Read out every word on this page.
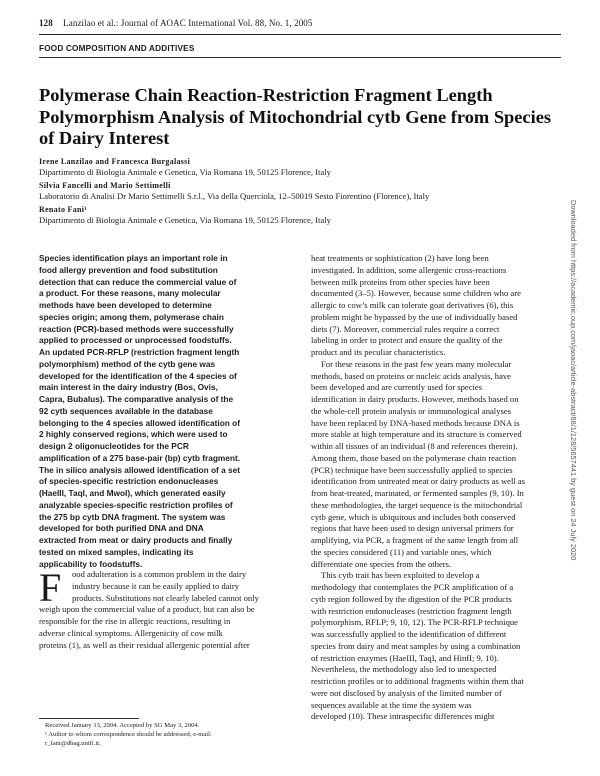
128 Lanzilao et al.: Journal of AOAC International Vol. 88, No. 1, 2005
FOOD COMPOSITION AND ADDITIVES
Polymerase Chain Reaction-Restriction Fragment Length
Polymorphism Analysis of Mitochondrial cytb Gene from Species
of Dairy Interest
Irene Lanzilao and Francesca Burgalassi
Dipartimento di Biologia Animale e Genetica, Via Romana 19, 50125 Florence, Italy
Silvia Fancelli and Mario Settimelli
Laboratorio di Analisi Dr Mario Settimelli S.r.l., Via della Querciola, 12–50019 Sesto Fiorentino (Florence), Italy
Renato Fani¹
Dipartimento di Biologia Animale e Genetica, Via Romana 19, 50125 Florence, Italy
Species identification plays an important role in
food allergy prevention and food substitution
detection that can reduce the commercial value of
a product. For these reasons, many molecular
methods have been developed to determine
species origin; among them, polymerase chain
reaction (PCR)-based methods were successfully
applied to processed or unprocessed foodstuffs.
An updated PCR-RFLP (restriction fragment length
polymorphism) method of the cytb gene was
developed for the identification of the 4 species of
main interest in the dairy industry (Bos, Ovis,
Capra, Bubalus). The comparative analysis of the
92 cytb sequences available in the database
belonging to the 4 species allowed identification of
2 highly conserved regions, which were used to
design 2 oligonucleotides for the PCR
amplification of a 275 base-pair (bp) cytb fragment.
The in silico analysis allowed identification of a set
of species-specific restriction endonucleases
(HaeIII, TaqI, and MwoI), which generated easily
analyzable species-specific restriction profiles of
the 275 bp cytb DNA fragment. The system was
developed for both purified DNA and DNA
extracted from meat or dairy products and finally
tested on mixed samples, indicating its
applicability to foodstuffs.
F	ood adulteration is a common problem in the dairy
industry because it can be easily applied to dairy
products. Substitutions not clearly labeled cannot only
weigh upon the commercial value of a product, but can also be
responsible for the rise in allergic reactions, resulting in
adverse clinical symptoms. Allergenicity of cow milk
proteins (1), as well as their residual allergenic potential after
Received January 13, 2004. Accepted by SG May 3, 2004.
¹ Author to whom correspondence should be addressed; e-mail:
r_fani@dbag.unifi.it.
heat treatments or sophistication (2) have long been
investigated. In addition, some allergenic cross-reactions
between milk proteins from other species have been
documented (3–5). However, because some children who are
allergic to cow’s milk can tolerate goat derivatives (6), this
problem might be bypassed by the use of individually based
diets (7). Moreover, commercial rules require a correct
labeling in order to protect and ensure the quality of the
product and its peculiar characteristics.
For these reasons in the past few years many molecular
methods, based on proteins or nucleic acids analysis, have
been developed and are currently used for species
identification in dairy products. However, methods based on
the whole-cell protein analysis or immunological analyses
have been replaced by DNA-based methods because DNA is
more stable at high temperature and its structure is conserved
within all tissues of an individual (8 and references therein).
Among them, those based on the polymerase chain reaction
(PCR) technique have been successfully applied to species
identification from untreated meat or dairy products as well as
from heat-treated, marinated, or fermented samples (9, 10). In
these methodologies, the target sequence is the mitochondrial
cytb gene, which is ubiquitous and includes both conserved
regions that have been used to design universal primers for
amplifying, via PCR, a fragment of the same length from all
the species considered (11) and variable ones, which
differentiate one species from the others.
This cytb trait has been exploited to develop a
methodology that contemplates the PCR amplification of a
cytb region followed by the digestion of the PCR products
with restriction endonucleases (restriction fragment length
polymorphism, RFLP; 9, 10, 12). The PCR-RFLP technique
was successfully applied to the identification of different
species from dairy and meat samples by using a combination
of restriction enzymes (HaeIII, TaqI, and HinfI; 9, 10).
Nevertheless, the methodology also led to unexpected
restriction profiles or to additional fragments within them that
were not disclosed by analysis of the limited number of
sequences available at the time the system was
developed (10). These intraspecific differences might
Downloaded from https://academic.oup.com/jaoac/article-abstract/88/1/128/5657441 by guest on 24 July 2020
